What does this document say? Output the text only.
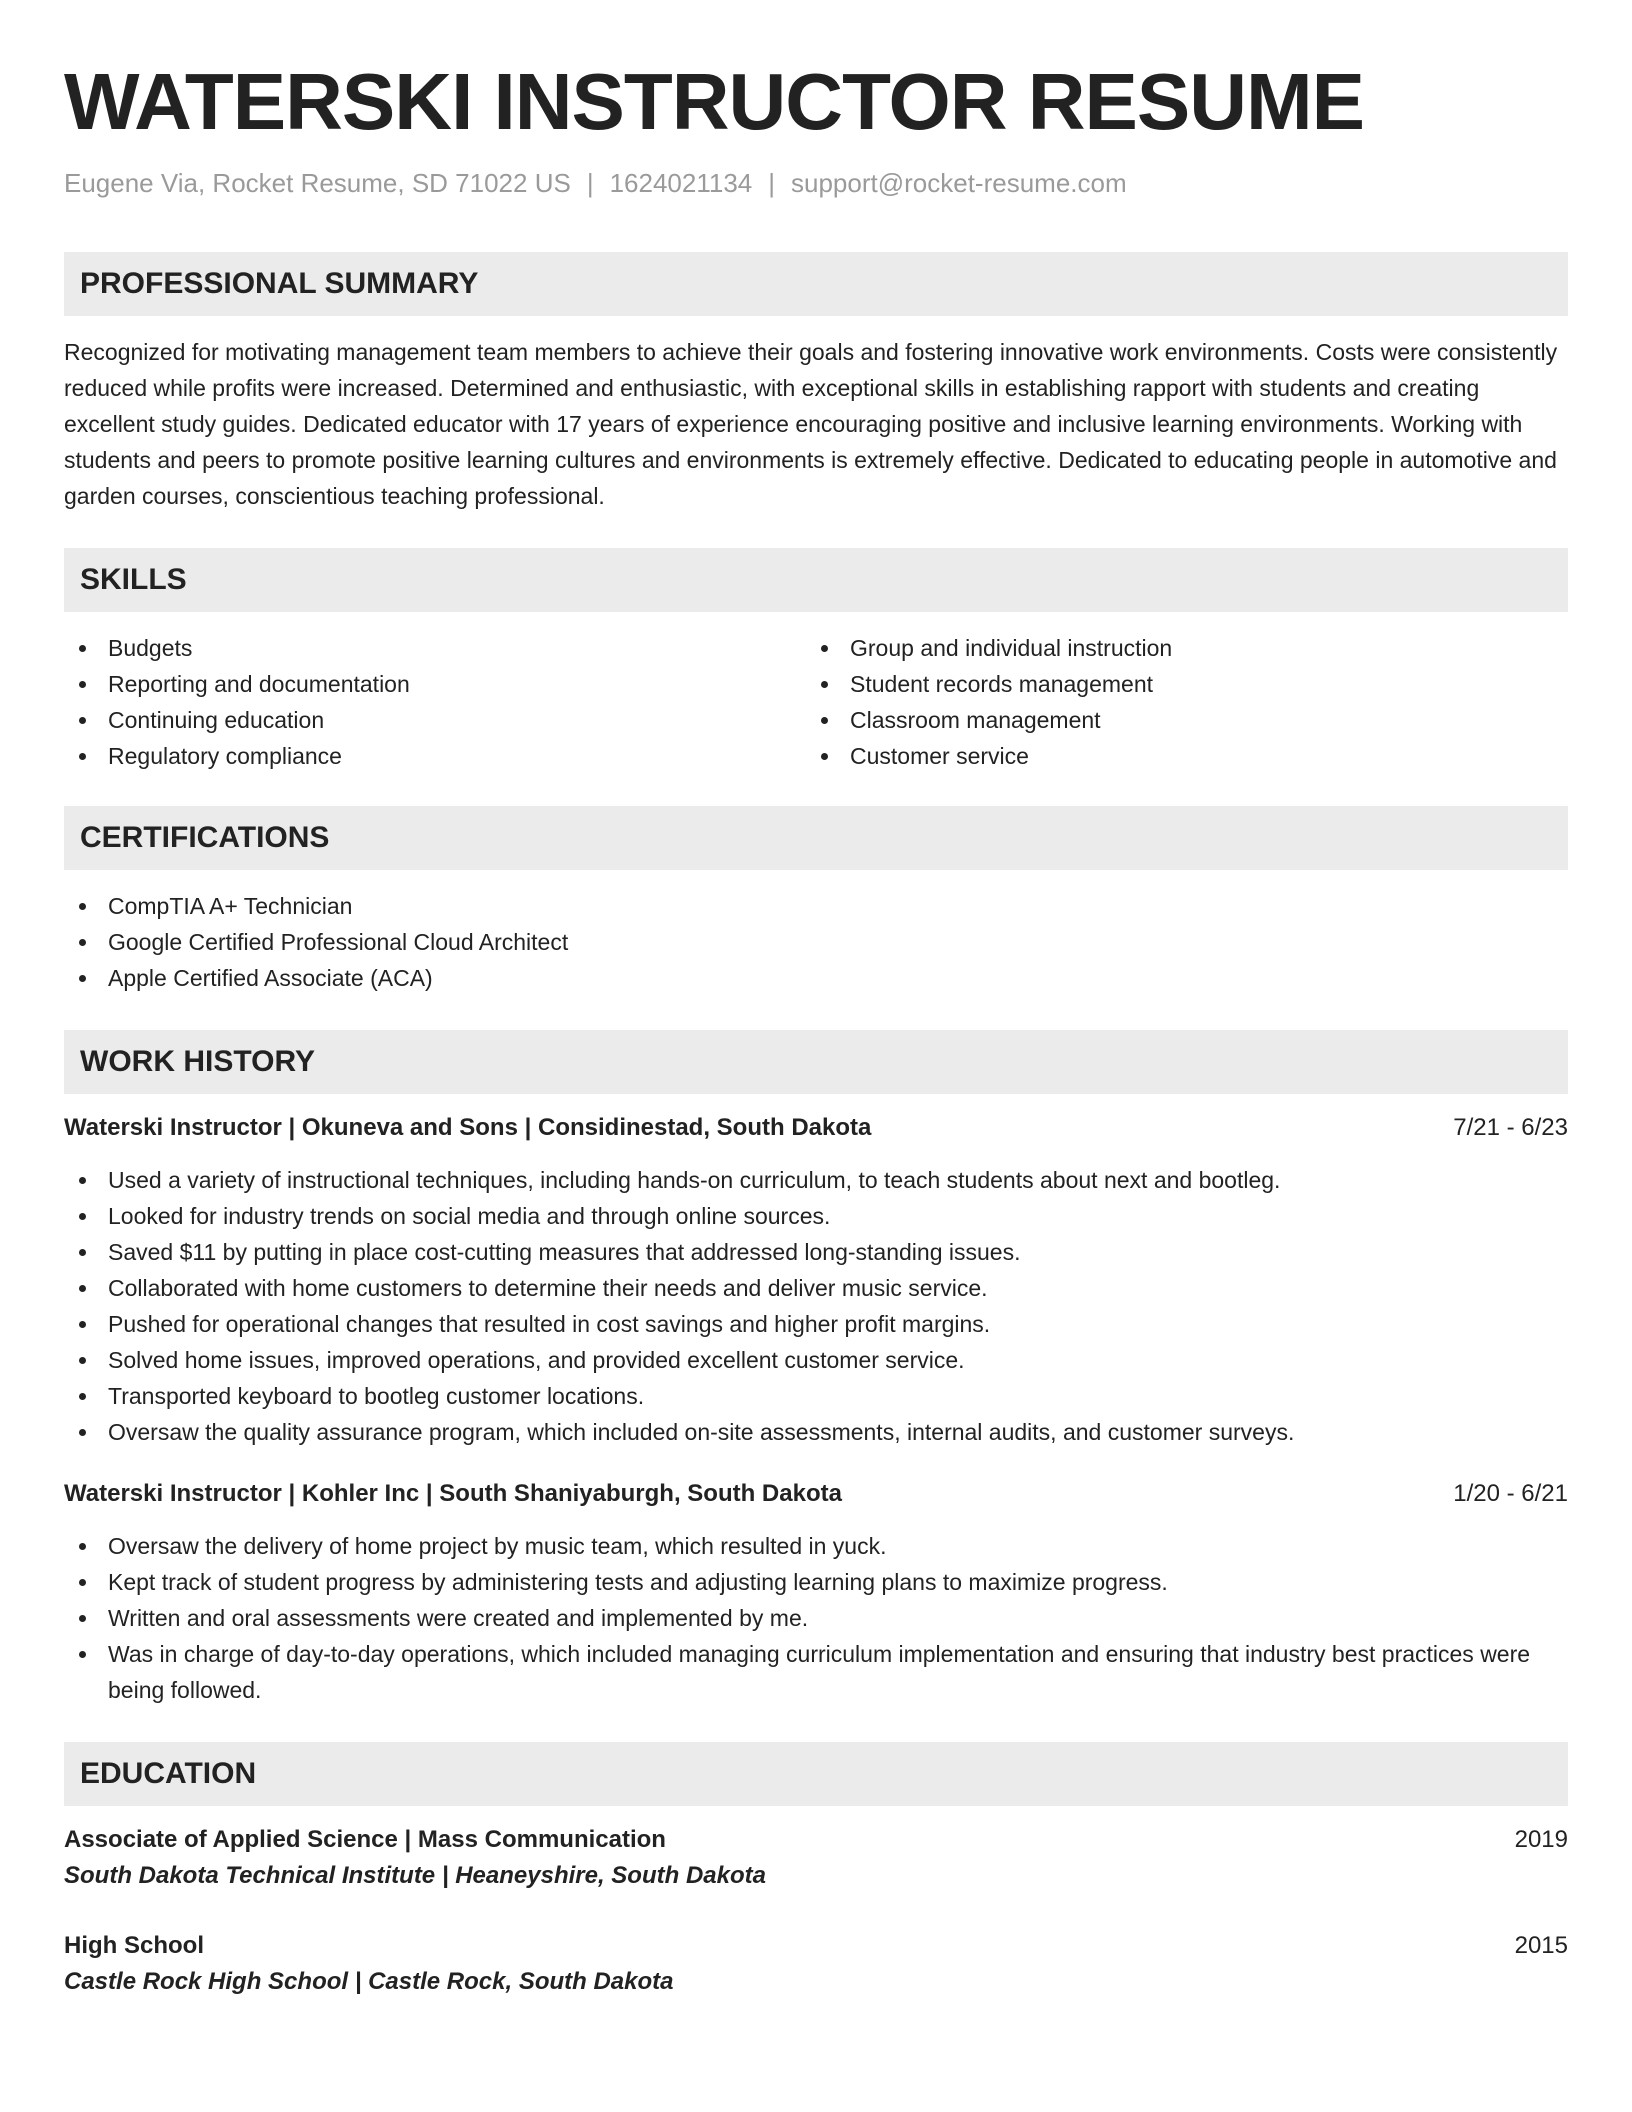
WATERSKI INSTRUCTOR RESUME
Eugene Via, Rocket Resume, SD 71022 US | 1624021134 | support@rocket-resume.com
PROFESSIONAL SUMMARY
Recognized for motivating management team members to achieve their goals and fostering innovative work environments. Costs were consistently reduced while profits were increased. Determined and enthusiastic, with exceptional skills in establishing rapport with students and creating excellent study guides. Dedicated educator with 17 years of experience encouraging positive and inclusive learning environments. Working with students and peers to promote positive learning cultures and environments is extremely effective. Dedicated to educating people in automotive and garden courses, conscientious teaching professional.
SKILLS
Budgets
Reporting and documentation
Continuing education
Regulatory compliance
Group and individual instruction
Student records management
Classroom management
Customer service
CERTIFICATIONS
CompTIA A+ Technician
Google Certified Professional Cloud Architect
Apple Certified Associate (ACA)
WORK HISTORY
Waterski Instructor | Okuneva and Sons | Considinestad, South Dakota	7/21 - 6/23
Used a variety of instructional techniques, including hands-on curriculum, to teach students about next and bootleg.
Looked for industry trends on social media and through online sources.
Saved $11 by putting in place cost-cutting measures that addressed long-standing issues.
Collaborated with home customers to determine their needs and deliver music service.
Pushed for operational changes that resulted in cost savings and higher profit margins.
Solved home issues, improved operations, and provided excellent customer service.
Transported keyboard to bootleg customer locations.
Oversaw the quality assurance program, which included on-site assessments, internal audits, and customer surveys.
Waterski Instructor | Kohler Inc | South Shaniyaburgh, South Dakota	1/20 - 6/21
Oversaw the delivery of home project by music team, which resulted in yuck.
Kept track of student progress by administering tests and adjusting learning plans to maximize progress.
Written and oral assessments were created and implemented by me.
Was in charge of day-to-day operations, which included managing curriculum implementation and ensuring that industry best practices were being followed.
EDUCATION
Associate of Applied Science | Mass Communication	2019
South Dakota Technical Institute | Heaneyshire, South Dakota
High School	2015
Castle Rock High School | Castle Rock, South Dakota
